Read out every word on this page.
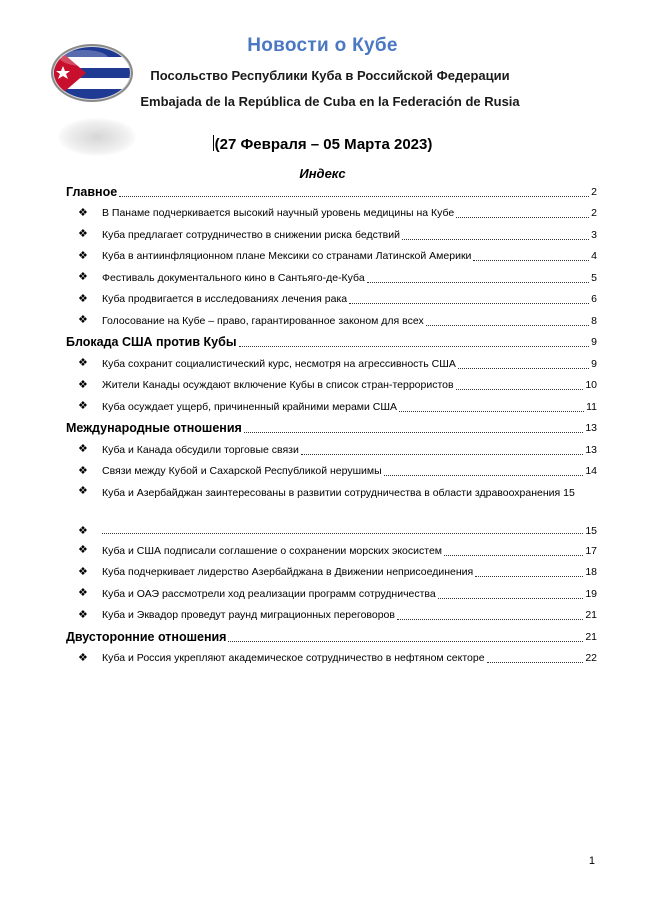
Новости о Кубе
Посольство Республики Куба в Российской Федерации
Embajada de la República de Cuba en la Federación de Rusia
(27 Февраля – 05 Марта 2023)
Индекс
Главное	2
❖	В Панаме подчеркивается высокий научный уровень медицины на Кубе	2
❖	Куба предлагает сотрудничество в снижении риска бедствий	3
❖	Куба в антиинфляционном плане Мексики со странами Латинской Америки	4
❖	Фестиваль документального кино в Сантьяго-де-Куба	5
❖	Куба продвигается в исследованиях лечения рака	6
❖	Голосование на Кубе – право, гарантированное законом для всех	8
Блокада США против Кубы	9
❖	Куба сохранит социалистический курс, несмотря на агрессивность США	9
❖	Жители Канады осуждают включение Кубы в список стран-террористов	10
❖	Куба осуждает ущерб, причиненный крайними мерами США	11
Международные отношения	13
❖	Куба и Канада обсудили торговые связи	13
❖	Связи между Кубой и Сахарской Республикой нерушимы	14
❖	Куба и Азербайджан заинтересованы в развитии сотрудничества в области здравоохранения 15
❖	15
❖	Куба и США подписали соглашение о сохранении морских экосистем	17
❖	Куба подчеркивает лидерство Азербайджана в Движении неприсоединения	18
❖	Куба и ОАЭ рассмотрели ход реализации программ сотрудничества	19
❖	Куба и Эквадор проведут раунд миграционных переговоров	21
Двусторонние отношения	21
❖	Куба и Россия укрепляют академическое сотрудничество в нефтяном секторе	22
1
